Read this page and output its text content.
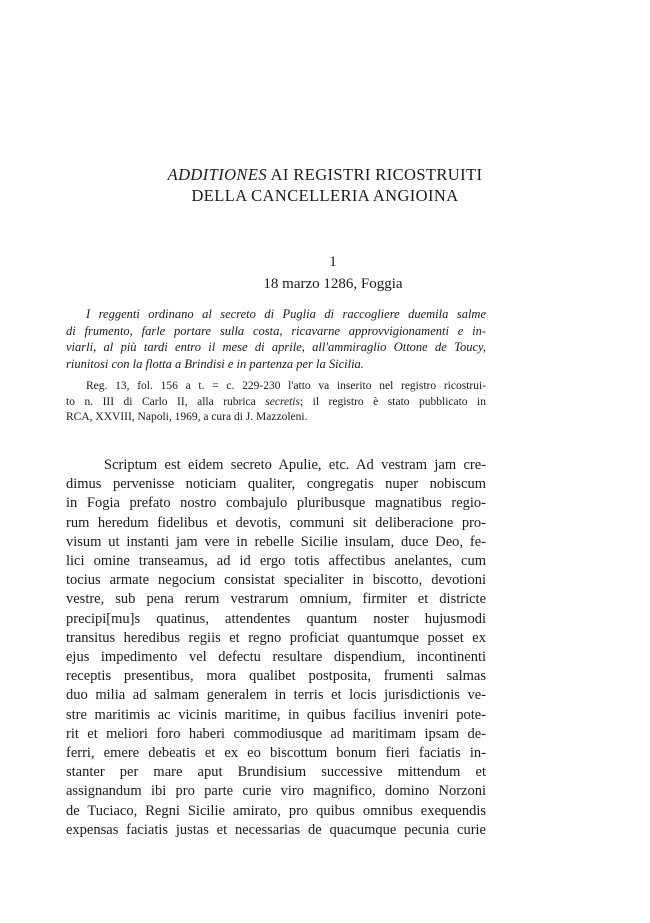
ADDITIONES AI REGISTRI RICOSTRUITI
DELLA CANCELLERIA ANGIOINA
1
18 marzo 1286, Foggia
I reggenti ordinano al secreto di Puglia di raccogliere duemila salme
di frumento, farle portare sulla costa, ricavarne approvvigionamenti e in-
viarli, al più tardi entro il mese di aprile, all'ammiraglio Ottone de Toucy,
riunitosi con la flotta a Brindisi e in partenza per la Sicilia.
Reg. 13, fol. 156 a t. = c. 229-230 l'atto va inserito nel registro ricostrui-
to n. III di Carlo II, alla rubrica secretis; il registro è stato pubblicato in
RCA, XXVIII, Napoli, 1969, a cura di J. Mazzoleni.
Scriptum est eidem secreto Apulie, etc. Ad vestram jam cre-
dimus pervenisse noticiam qualiter, congregatis nuper nobiscum
in Fogia prefato nostro combajulo pluribusque magnatibus regio-
rum heredum fidelibus et devotis, communi sit deliberacione pro-
visum ut instanti jam vere in rebelle Sicilie insulam, duce Deo, fe-
lici omine transeamus, ad id ergo totis affectibus anelantes, cum
tocius armate negocium consistat specialiter in biscotto, devotioni
vestre, sub pena rerum vestrarum omnium, firmiter et districte
precipi[mu]s quatinus, attendentes quantum noster hujusmodi
transitus heredibus regiis et regno proficiat quantumque posset ex
ejus impedimento vel defectu resultare dispendium, incontinenti
receptis presentibus, mora qualibet postposita, frumenti salmas
duo milia ad salmam generalem in terris et locis jurisdictionis ve-
stre maritimis ac vicinis maritime, in quibus facilius inveniri pote-
rit et meliori foro haberi commodiusque ad maritimam ipsam de-
ferri, emere debeatis et ex eo biscottum bonum fieri faciatis in-
stanter per mare aput Brundisium successive mittendum et
assignandum ibi pro parte curie viro magnifico, domino Norzoni
de Tuciaco, Regni Sicilie amirato, pro quibus omnibus exequendis
expensas faciatis justas et necessarias de quacumque pecunia curie
